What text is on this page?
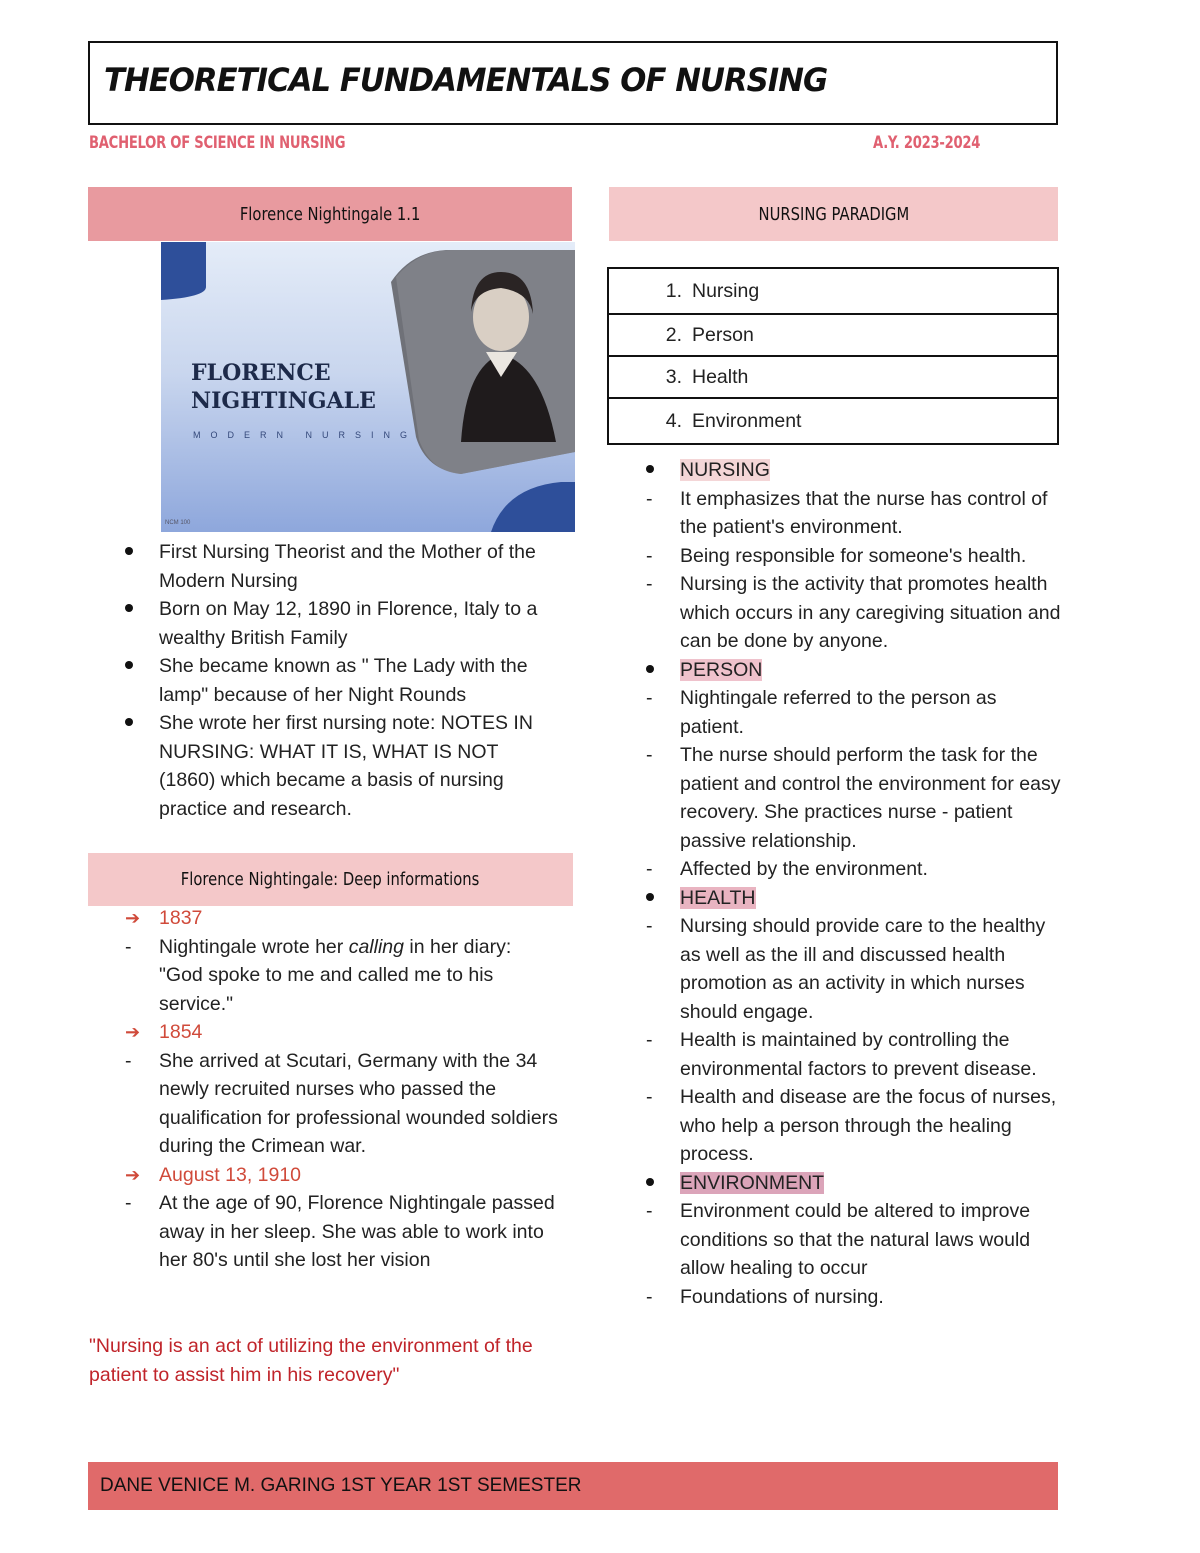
THEORETICAL FUNDAMENTALS OF NURSING
BACHELOR OF SCIENCE IN NURSING	A.Y. 2023-2024
Florence Nightingale 1.1
FLORENCE
NIGHTINGALE
MODERN NURSING
NCM 100
First Nursing Theorist and the Mother of the Modern Nursing
Born on May 12, 1890 in Florence, Italy to a wealthy British Family
She became known as " The Lady with the lamp" because of her Night Rounds
She wrote her first nursing note: NOTES IN NURSING: WHAT IT IS, WHAT IS NOT (1860) which became a basis of nursing practice and research.
Florence Nightingale: Deep informations
➔ 1837
- Nightingale wrote her calling in her diary: "God spoke to me and called me to his service."
➔ 1854
- She arrived at Scutari, Germany with the 34 newly recruited nurses who passed the qualification for professional wounded soldiers during the Crimean war.
➔ August 13, 1910
- At the age of 90, Florence Nightingale passed away in her sleep. She was able to work into her 80's until she lost her vision
"Nursing is an act of utilizing the environment of the patient to assist him in his recovery"
NURSING PARADIGM
1. Nursing
2. Person
3. Health
4. Environment
NURSING
- It emphasizes that the nurse has control of the patient's environment.
- Being responsible for someone's health.
- Nursing is the activity that promotes health which occurs in any caregiving situation and can be done by anyone.
PERSON
- Nightingale referred to the person as patient.
- The nurse should perform the task for the patient and control the environment for easy recovery. She practices nurse - patient passive relationship.
- Affected by the environment.
HEALTH
- Nursing should provide care to the healthy as well as the ill and discussed health promotion as an activity in which nurses should engage.
- Health is maintained by controlling the environmental factors to prevent disease.
- Health and disease are the focus of nurses, who help a person through the healing process.
ENVIRONMENT
- Environment could be altered to improve conditions so that the natural laws would allow healing to occur
- Foundations of nursing.
DANE VENICE M. GARING 1ST YEAR 1ST SEMESTER
